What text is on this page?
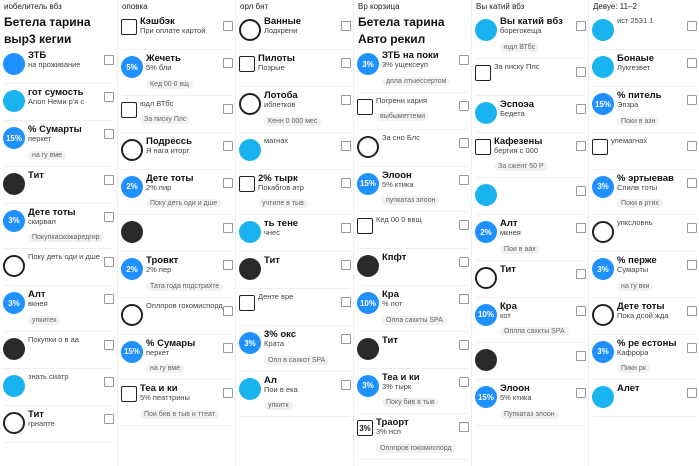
иобелитель вбз
Бетела тарина
выр3 кегии
ЗТБ
на проживание
гот сумость
Anon Неми р'я с
15%
% Сумарты
перкет
на гу вме
Тит
3%
Дете тоты
скирвал
Покупкаскожаредгир
Поку деть оди и дше
3%
Алт
вкнея
упкитек
Покупки о в аа
знать сиатр
Тит
грнапте
оповка
Кэшбэк
При оплате картой
5%
Жечеть
5% бли
Кед 00 0 вщ
юдл ВТбс
За писку Плс
Подрессь
Я нага иторг
2%
Дете тоты
2% пир
Поку деть оди и дше
2%
Тровкт
2% пер
Тата года подстрахте
Оплпров гокомиспорд
15%
% Сумары
перкет
на гу вме
Теа и ки
5% пеаттрины
Пои бив в тыв и ттеат
орл бнт
Ванные
Лодкрени
Пилоты
Позрые
Лотоба
иблетков
Кенн 0 000 мес
магнах
2% тырк
Покабгов атр
учтиле в тыв
ть тене
чнес
Тит
Денте вре
3%
3% окс
Крата
Опл в сахкот SPA
Ал
Пои в ека
упкитк
Вр корзица
Бетела тарина
Авто рекил
3%
ЗТБ на поки
3% ущексеуп
дпла лтыессертом
Погрени кария
выбыметтеми
За сно Блс
15%
Элоон
5% ктика
пупкатаз элоон
Кед 00 0 ввщ
Кпфт
10%
Кра
% пот
Опла сахкты SPA
Тит
3%
Теа и ки
3% тырк
Поку бив в тыв
3% Траорт
3% нсп
Оплпров гокомиспорд
Вы катий вбз
Вы катий вбз
борегокеща
юдл ВТбс
За писку Плс
Эспоэа
Бедета
Кафезены
бергия с 000
За сжент 50 Р
2%
Алт
мкнея
Пои в аах
Тит
10%
Кра
кот
Оплпа сахкты SPA
15%
Элоон
5% ктика
Пупкатаз элоон
Девуе: 11–2
ист 2531.1
Бонаые
Лукгезвет
15%
% питель
Эпзра
Поки в азн
упемагнах
3%
% эртыевав
Спилв тоты
Поки в ртих
упксловнь
3%
% перже
Сумарты
на гу вки
Дете тоты
Пока дсой жда
3%
% ре естоны
Кафрора
Пикн рк
Алет
